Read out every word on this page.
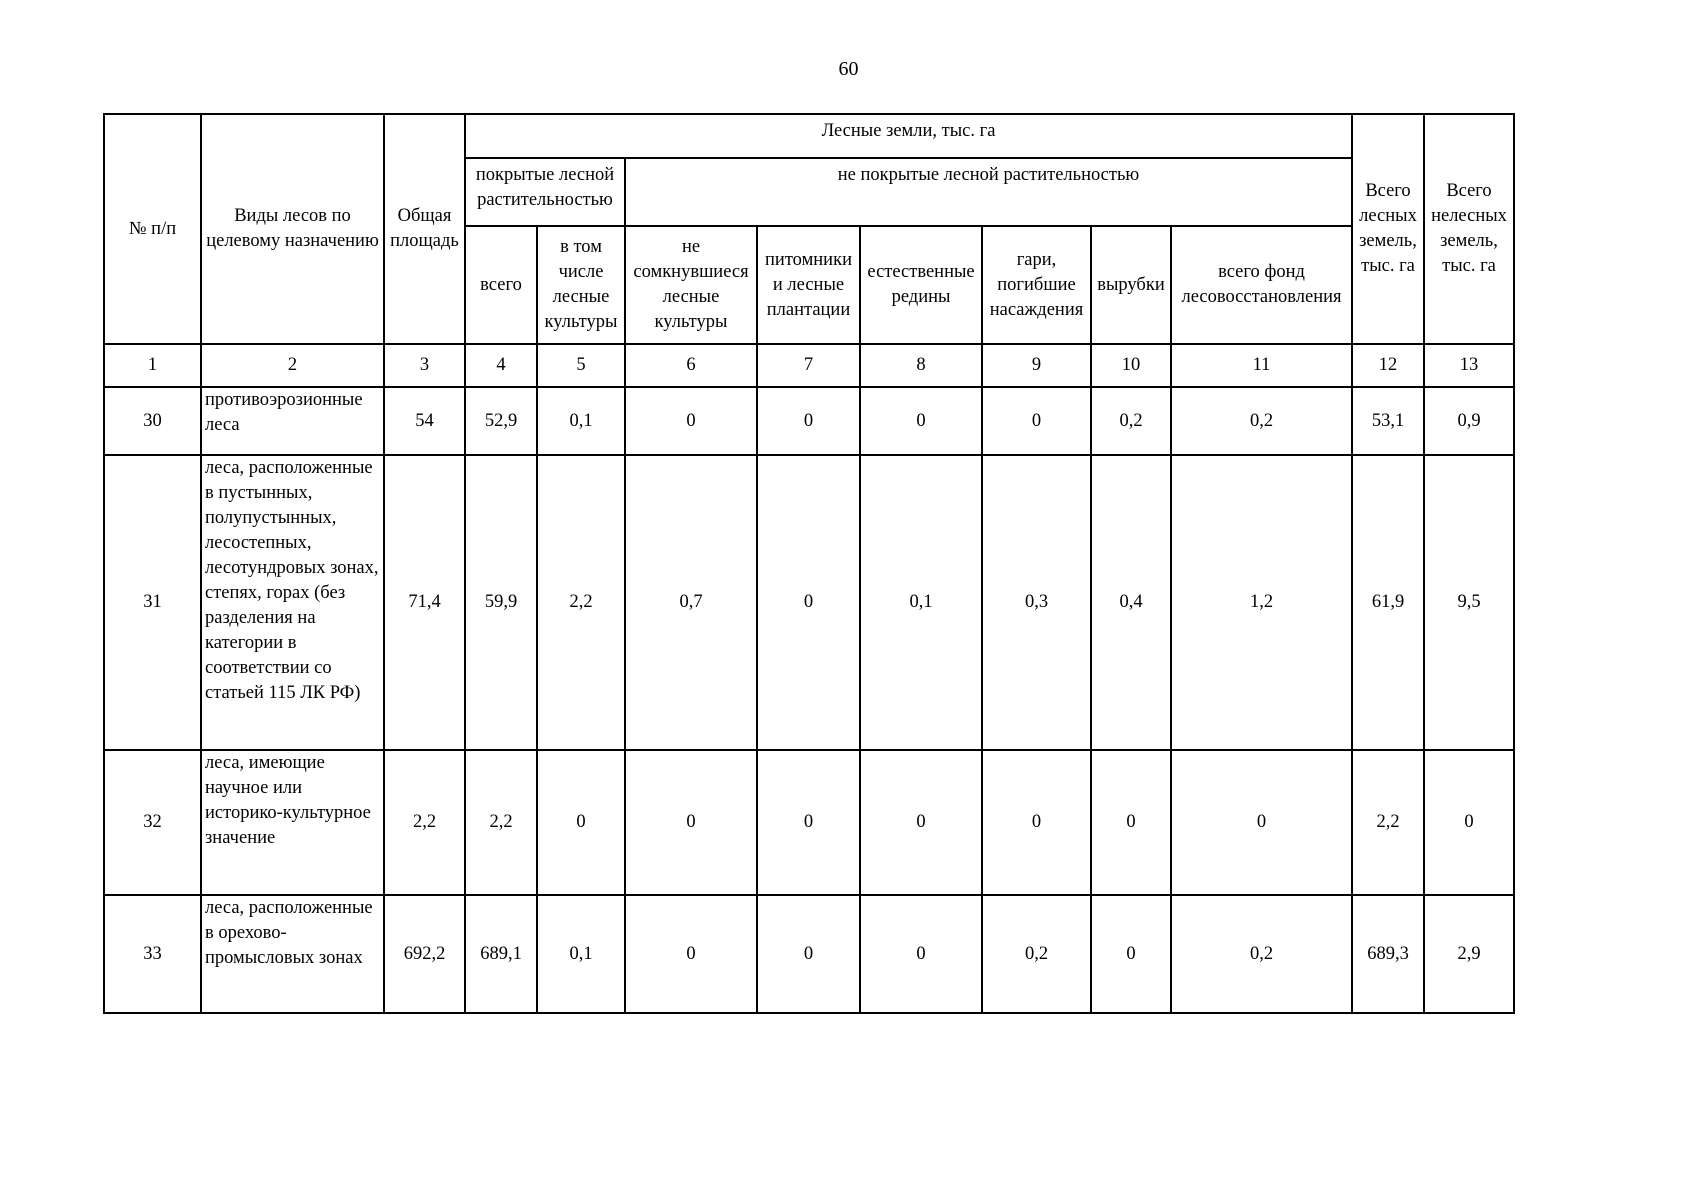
60
№ п/п	Виды лесов по целевому назначению	Общая площадь	Лесные земли, тыс. га								Всего лесных земель, тыс. га	Всего нелесных земель, тыс. га
			покрытые лесной растительностью		не покрытые лесной растительностью							
			всего	в том числе лесные культуры	не сомкнувшиеся лесные культуры	питомники и лесные плантации	естественные редины	гари, погибшие насаждения	вырубки	всего фонд лесовосстановления		
1	2	3	4	5	6	7	8	9	10	11	12	13
30	противоэрозионные леса	54	52,9	0,1	0	0	0	0	0,2	0,2	53,1	0,9
31	леса, расположенные в пустынных, полупустынных, лесостепных, лесотундровых зонах, степях, горах (без разделения на категории в соответствии со статьей 115 ЛК РФ)	71,4	59,9	2,2	0,7	0	0,1	0,3	0,4	1,2	61,9	9,5
32	леса, имеющие научное или историко-культурное значение	2,2	2,2	0	0	0	0	0	0	0	2,2	0
33	леса, расположенные в орехово-промысловых зонах	692,2	689,1	0,1	0	0	0	0,2	0	0,2	689,3	2,9
